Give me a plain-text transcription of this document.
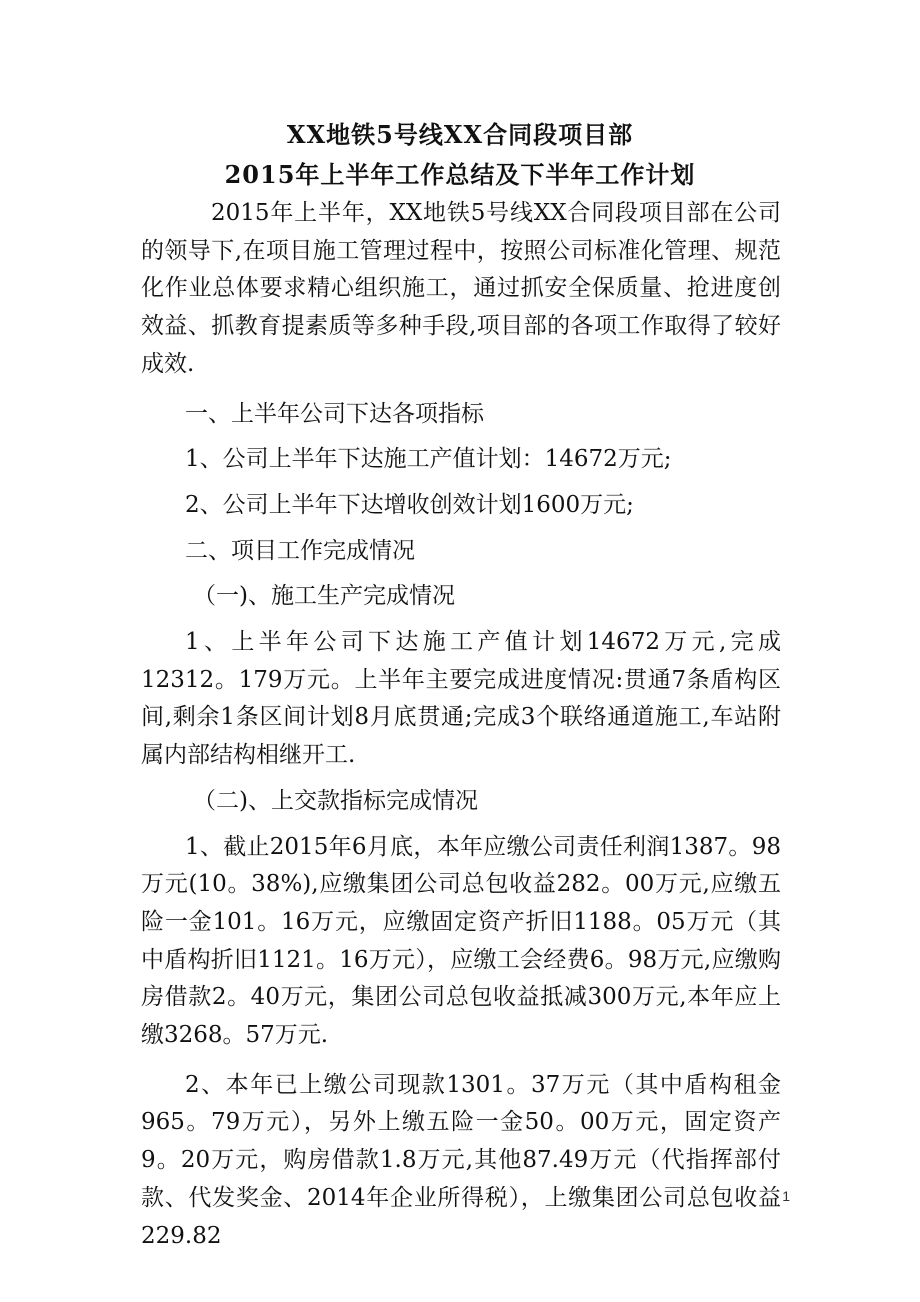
XX地铁5号线XX合同段项目部
2015年上半年工作总结及下半年工作计划

2015年上半年，XX地铁5号线XX合同段项目部在公司的领导下,在项目施工管理过程中，按照公司标准化管理、规范化作业总体要求精心组织施工，通过抓安全保质量、抢进度创效益、抓教育提素质等多种手段,项目部的各项工作取得了较好成效.

一、上半年公司下达各项指标

1、公司上半年下达施工产值计划：14672万元;

2、公司上半年下达增收创效计划1600万元;

二、项目工作完成情况

（一)、施工生产完成情况

1、上半年公司下达施工产值计划14672万元,完成12312。179万元。上半年主要完成进度情况:贯通7条盾构区间,剩余1条区间计划8月底贯通;完成3个联络通道施工,车站附属内部结构相继开工.

（二)、上交款指标完成情况

1、截止2015年6月底，本年应缴公司责任利润1387。98万元(10。38%),应缴集团公司总包收益282。00万元,应缴五险一金101。16万元，应缴固定资产折旧1188。05万元（其中盾构折旧1121。16万元），应缴工会经费6。98万元,应缴购房借款2。40万元，集团公司总包收益抵减300万元,本年应上缴3268。57万元.

2、本年已上缴公司现款1301。37万元（其中盾构租金965。79万元），另外上缴五险一金50。00万元，固定资产9。20万元，购房借款1.8万元,其他87.49万元（代指挥部付款、代发奖金、2014年企业所得税），上缴集团公司总包收益229.82

1
